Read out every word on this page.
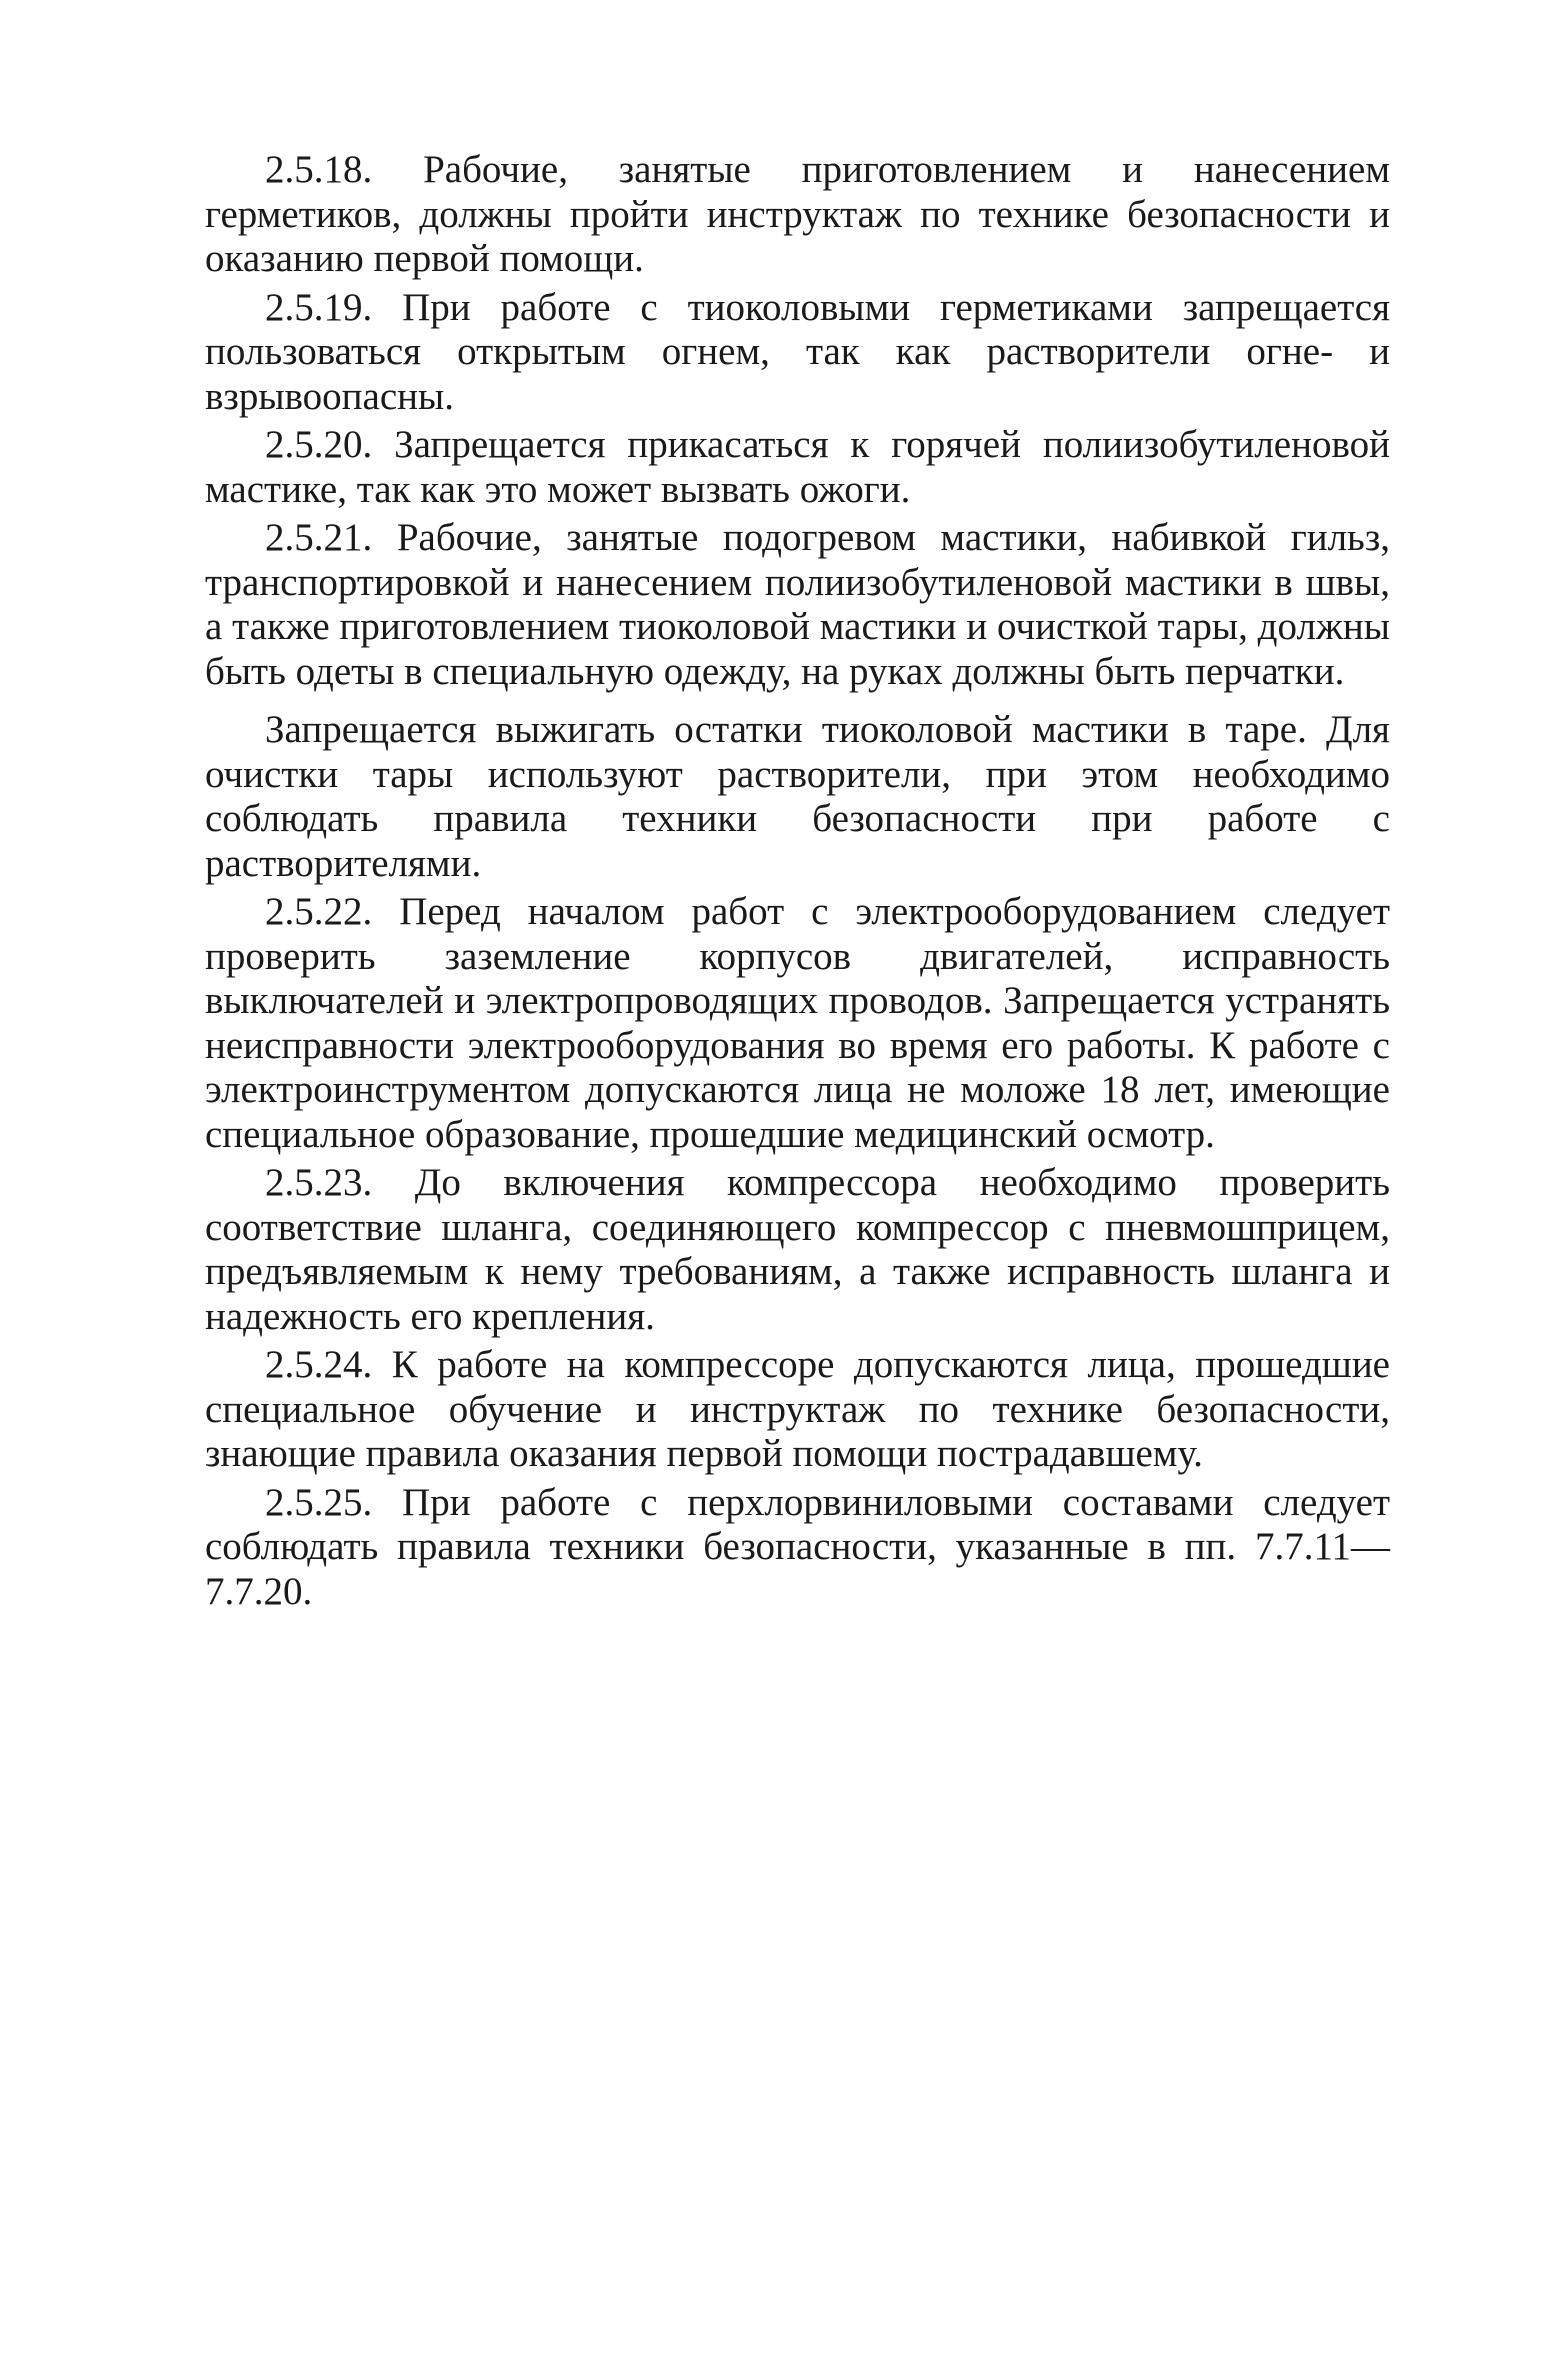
2.5.18. Рабочие, занятые приготовлением и нанесением герметиков, должны пройти инструктаж по технике безопасности и оказанию первой помощи.

2.5.19. При работе с тиоколовыми герметиками запрещается пользоваться открытым огнем, так как растворители огне- и взрывоопасны.

2.5.20. Запрещается прикасаться к горячей полиизобутиленовой мастике, так как это может вызвать ожоги.

2.5.21. Рабочие, занятые подогревом мастики, набивкой гильз, транспортировкой и нанесением полиизобутиленовой мастики в швы, а также приготовлением тиоколовой мастики и очисткой тары, должны быть одеты в специальную одежду, на руках должны быть перчатки.

Запрещается выжигать остатки тиоколовой мастики в таре. Для очистки тары используют растворители, при этом необходимо соблюдать правила техники безопасности при работе с растворителями.

2.5.22. Перед началом работ с электрооборудованием следует проверить заземление корпусов двигателей, исправность выключателей и электропроводящих проводов. Запрещается устранять неисправности электрооборудования во время его работы. К работе с электроинструментом допускаются лица не моложе 18 лет, имеющие специальное образование, прошедшие медицинский осмотр.

2.5.23. До включения компрессора необходимо проверить соответствие шланга, соединяющего компрессор с пневмошприцем, предъявляемым к нему требованиям, а также исправность шланга и надежность его крепления.

2.5.24. К работе на компрессоре допускаются лица, прошедшие специальное обучение и инструктаж по технике безопасности, знающие правила оказания первой помощи пострадавшему.

2.5.25. При работе с перхлорвиниловыми составами следует соблюдать правила техники безопасности, указанные в пп. 7.7.11—7.7.20.
